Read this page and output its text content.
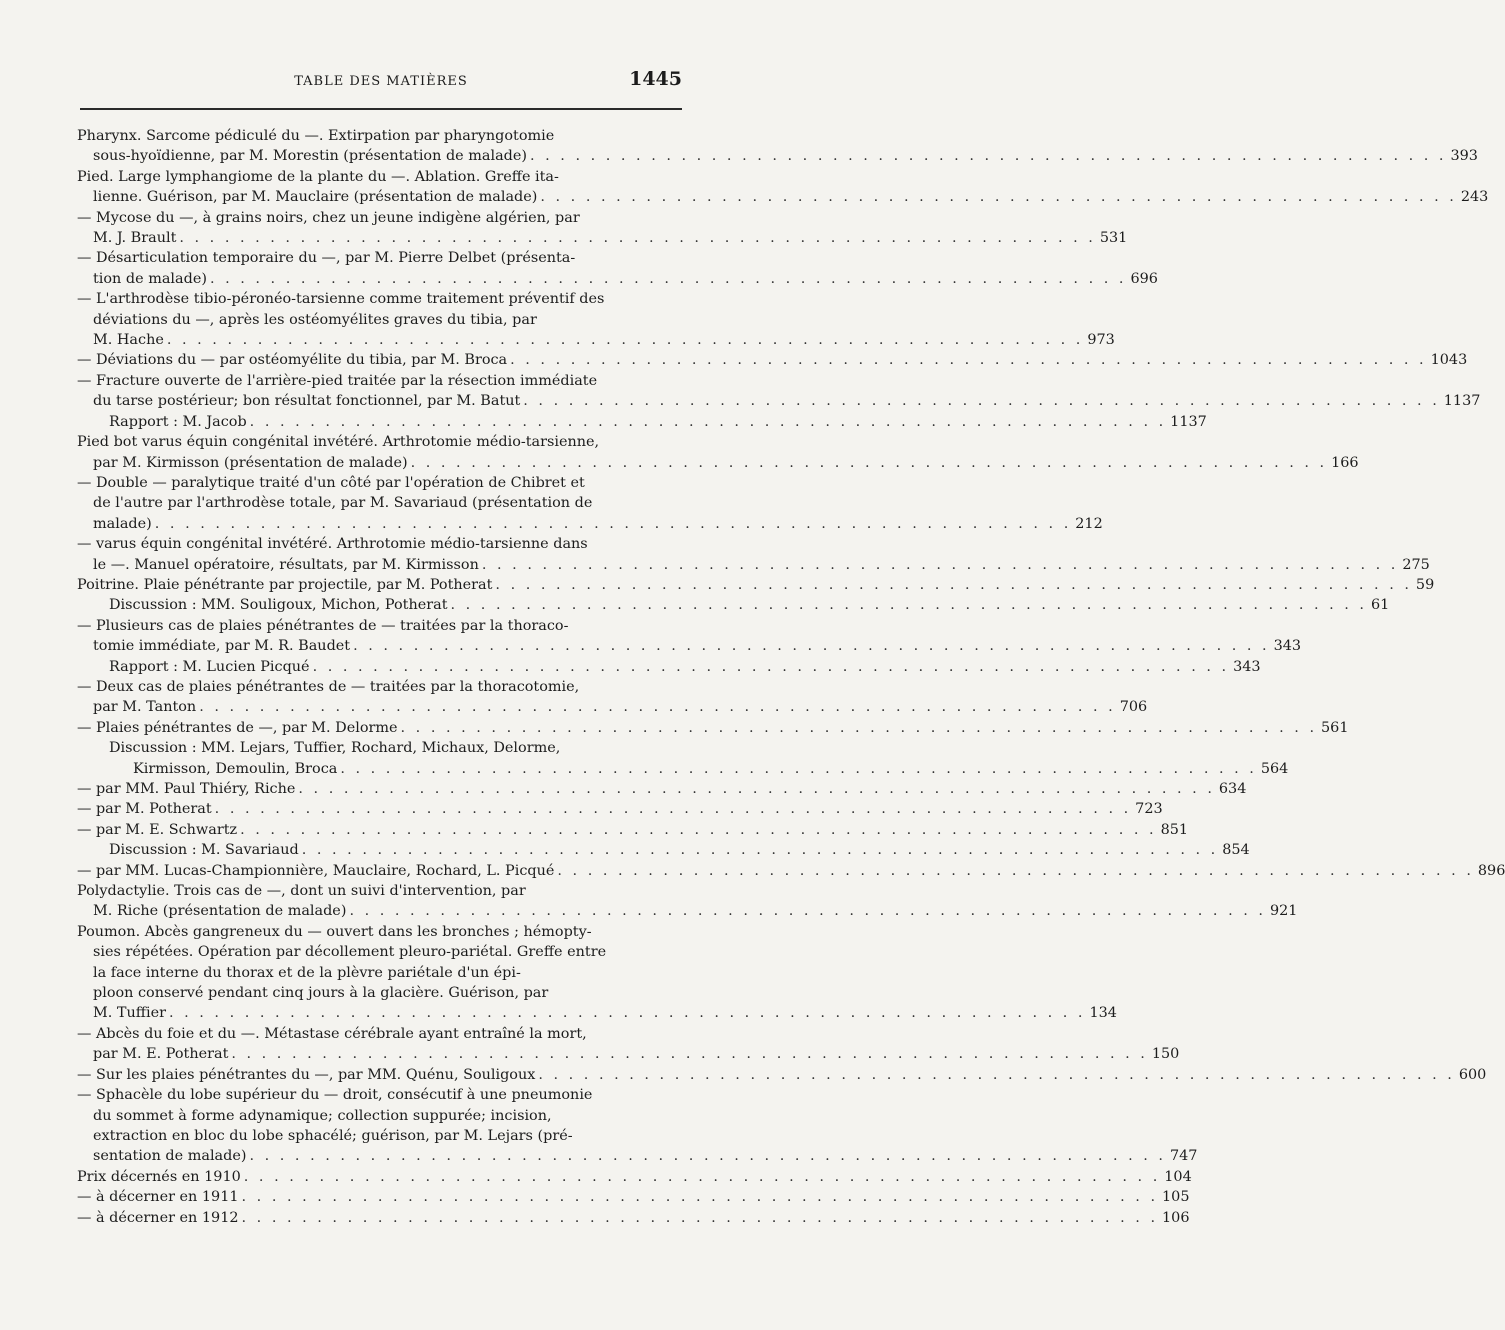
TABLE DES MATIÈRES	1445
Pharynx. Sarcome pédiculé du —. Extirpation par pharyngotomie
sous-hyoïdienne, par M. Morestin (présentation de malade) . . . . . . . . . . . . . . . . . . . . . . . . . . . . . . . . . . . . . . . . . . . . . . . . . . . . . . . . . . . . . 393
Pied. Large lymphangiome de la plante du —. Ablation. Greffe ita-
lienne. Guérison, par M. Mauclaire (présentation de malade) . . . . . . . . . . . . . . . . . . . . . . . . . . . . . . . . . . . . . . . . . . . . . . . . . . . . . . . . . . . . . 243
— Mycose du —, à grains noirs, chez un jeune indigène algérien, par
M. J. Brault . . . . . . . . . . . . . . . . . . . . . . . . . . . . . . . . . . . . . . . . . . . . . . . . . . . . . . . . . . . . . 531
— Désarticulation temporaire du —, par M. Pierre Delbet (présenta-
tion de malade) . . . . . . . . . . . . . . . . . . . . . . . . . . . . . . . . . . . . . . . . . . . . . . . . . . . . . . . . . . . . . 696
— L'arthrodèse tibio-péronéo-tarsienne comme traitement préventif des
déviations du —, après les ostéomyélites graves du tibia, par
M. Hache . . . . . . . . . . . . . . . . . . . . . . . . . . . . . . . . . . . . . . . . . . . . . . . . . . . . . . . . . . . . . 973
— Déviations du — par ostéomyélite du tibia, par M. Broca . . . . . . . . . . . . . . . . . . . . . . . . . . . . . . . . . . . . . . . . . . . . . . . . . . . . . . . . . . . . . 1043
— Fracture ouverte de l'arrière-pied traitée par la résection immédiate
du tarse postérieur; bon résultat fonctionnel, par M. Batut . . . . . . . . . . . . . . . . . . . . . . . . . . . . . . . . . . . . . . . . . . . . . . . . . . . . . . . . . . . . . 1137
Rapport : M. Jacob . . . . . . . . . . . . . . . . . . . . . . . . . . . . . . . . . . . . . . . . . . . . . . . . . . . . . . . . . . . . . 1137
Pied bot varus équin congénital invétéré. Arthrotomie médio-tarsienne,
par M. Kirmisson (présentation de malade) . . . . . . . . . . . . . . . . . . . . . . . . . . . . . . . . . . . . . . . . . . . . . . . . . . . . . . . . . . . . . 166
— Double — paralytique traité d'un côté par l'opération de Chibret et
de l'autre par l'arthrodèse totale, par M. Savariaud (présentation de
malade) . . . . . . . . . . . . . . . . . . . . . . . . . . . . . . . . . . . . . . . . . . . . . . . . . . . . . . . . . . . . . 212
— varus équin congénital invétéré. Arthrotomie médio-tarsienne dans
le —. Manuel opératoire, résultats, par M. Kirmisson . . . . . . . . . . . . . . . . . . . . . . . . . . . . . . . . . . . . . . . . . . . . . . . . . . . . . . . . . . . . . 275
Poitrine. Plaie pénétrante par projectile, par M. Potherat . . . . . . . . . . . . . . . . . . . . . . . . . . . . . . . . . . . . . . . . . . . . . . . . . . . . . . . . . . . . . 59
Discussion : MM. Souligoux, Michon, Potherat . . . . . . . . . . . . . . . . . . . . . . . . . . . . . . . . . . . . . . . . . . . . . . . . . . . . . . . . . . . . . 61
— Plusieurs cas de plaies pénétrantes de — traitées par la thoraco-
tomie immédiate, par M. R. Baudet . . . . . . . . . . . . . . . . . . . . . . . . . . . . . . . . . . . . . . . . . . . . . . . . . . . . . . . . . . . . . 343
Rapport : M. Lucien Picqué . . . . . . . . . . . . . . . . . . . . . . . . . . . . . . . . . . . . . . . . . . . . . . . . . . . . . . . . . . . . . 343
— Deux cas de plaies pénétrantes de — traitées par la thoracotomie,
par M. Tanton . . . . . . . . . . . . . . . . . . . . . . . . . . . . . . . . . . . . . . . . . . . . . . . . . . . . . . . . . . . . . 706
— Plaies pénétrantes de —, par M. Delorme . . . . . . . . . . . . . . . . . . . . . . . . . . . . . . . . . . . . . . . . . . . . . . . . . . . . . . . . . . . . . 561
Discussion : MM. Lejars, Tuffier, Rochard, Michaux, Delorme,
Kirmisson, Demoulin, Broca . . . . . . . . . . . . . . . . . . . . . . . . . . . . . . . . . . . . . . . . . . . . . . . . . . . . . . . . . . . . . 564
— par MM. Paul Thiéry, Riche . . . . . . . . . . . . . . . . . . . . . . . . . . . . . . . . . . . . . . . . . . . . . . . . . . . . . . . . . . . . . 634
— par M. Potherat . . . . . . . . . . . . . . . . . . . . . . . . . . . . . . . . . . . . . . . . . . . . . . . . . . . . . . . . . . . . . 723
— par M. E. Schwartz . . . . . . . . . . . . . . . . . . . . . . . . . . . . . . . . . . . . . . . . . . . . . . . . . . . . . . . . . . . . . 851
Discussion : M. Savariaud . . . . . . . . . . . . . . . . . . . . . . . . . . . . . . . . . . . . . . . . . . . . . . . . . . . . . . . . . . . . . 854
— par MM. Lucas-Championnière, Mauclaire, Rochard, L. Picqué . . . . . . . . . . . . . . . . . . . . . . . . . . . . . . . . . . . . . . . . . . . . . . . . . . . . . . . . . . . . . 896
Polydactylie. Trois cas de —, dont un suivi d'intervention, par
M. Riche (présentation de malade) . . . . . . . . . . . . . . . . . . . . . . . . . . . . . . . . . . . . . . . . . . . . . . . . . . . . . . . . . . . . . 921
Poumon. Abcès gangreneux du — ouvert dans les bronches ; hémopty-
sies répétées. Opération par décollement pleuro-pariétal. Greffe entre
la face interne du thorax et de la plèvre pariétale d'un épi-
ploon conservé pendant cinq jours à la glacière. Guérison, par
M. Tuffier . . . . . . . . . . . . . . . . . . . . . . . . . . . . . . . . . . . . . . . . . . . . . . . . . . . . . . . . . . . . . 134
— Abcès du foie et du —. Métastase cérébrale ayant entraîné la mort,
par M. E. Potherat . . . . . . . . . . . . . . . . . . . . . . . . . . . . . . . . . . . . . . . . . . . . . . . . . . . . . . . . . . . . . 150
— Sur les plaies pénétrantes du —, par MM. Quénu, Souligoux . . . . . . . . . . . . . . . . . . . . . . . . . . . . . . . . . . . . . . . . . . . . . . . . . . . . . . . . . . . . . 600
— Sphacèle du lobe supérieur du — droit, consécutif à une pneumonie
du sommet à forme adynamique; collection suppurée; incision,
extraction en bloc du lobe sphacélé; guérison, par M. Lejars (pré-
sentation de malade) . . . . . . . . . . . . . . . . . . . . . . . . . . . . . . . . . . . . . . . . . . . . . . . . . . . . . . . . . . . . . 747
Prix décernés en 1910 . . . . . . . . . . . . . . . . . . . . . . . . . . . . . . . . . . . . . . . . . . . . . . . . . . . . . . . . . . . . . 104
— à décerner en 1911 . . . . . . . . . . . . . . . . . . . . . . . . . . . . . . . . . . . . . . . . . . . . . . . . . . . . . . . . . . . . . 105
— à décerner en 1912 . . . . . . . . . . . . . . . . . . . . . . . . . . . . . . . . . . . . . . . . . . . . . . . . . . . . . . . . . . . . . 106
